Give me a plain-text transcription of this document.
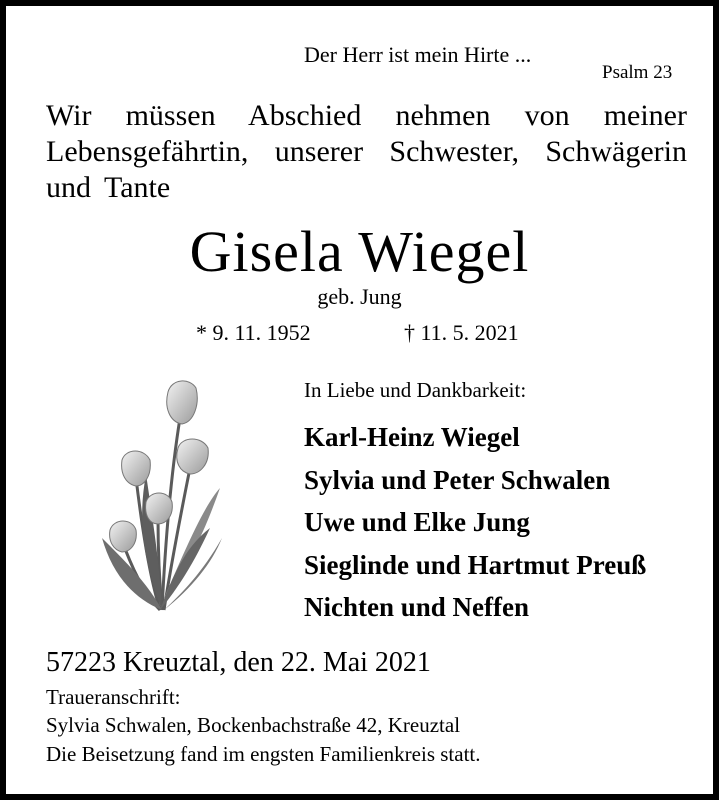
Der Herr ist mein Hirte ...
Psalm 23
Wir müssen Abschied nehmen von meiner Lebensgefährtin, unserer Schwester, Schwägerin und Tante
Gisela Wiegel
geb. Jung
* 9. 11. 1952	† 11. 5. 2021
In Liebe und Dankbarkeit:
Karl-Heinz Wiegel
Sylvia und Peter Schwalen
Uwe und Elke Jung
Sieglinde und Hartmut Preuß
Nichten und Neffen
57223 Kreuztal, den 22. Mai 2021
Traueranschrift:
Sylvia Schwalen, Bockenbachstraße 42, Kreuztal
Die Beisetzung fand im engsten Familienkreis statt.
